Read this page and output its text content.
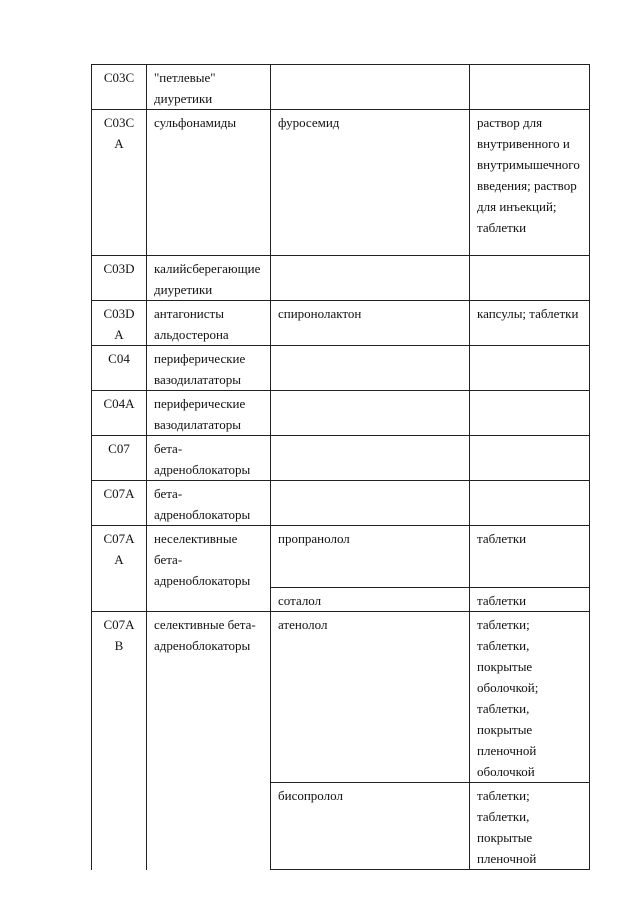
C03C	"петлевые" диуретики		
C03C A	сульфонамиды	фуросемид	раствор для внутривенного и внутримышечного введения; раствор для инъекций; таблетки
C03D	калийсберегающие диуретики		
C03D A	антагонисты альдостерона	спиронолактон	капсулы; таблетки
C04	периферические вазодилататоры		
C04A	периферические вазодилататоры		
C07	бета-адреноблокаторы		
C07A	бета-адреноблокаторы		
C07A A	неселективные бета-адреноблокаторы	пропранолол	таблетки
		соталол	таблетки
C07A B	селективные бета-адреноблокаторы	атенолол	таблетки; таблетки, покрытые оболочкой; таблетки, покрытые пленочной оболочкой
		бисопролол	таблетки; таблетки, покрытые пленочной
